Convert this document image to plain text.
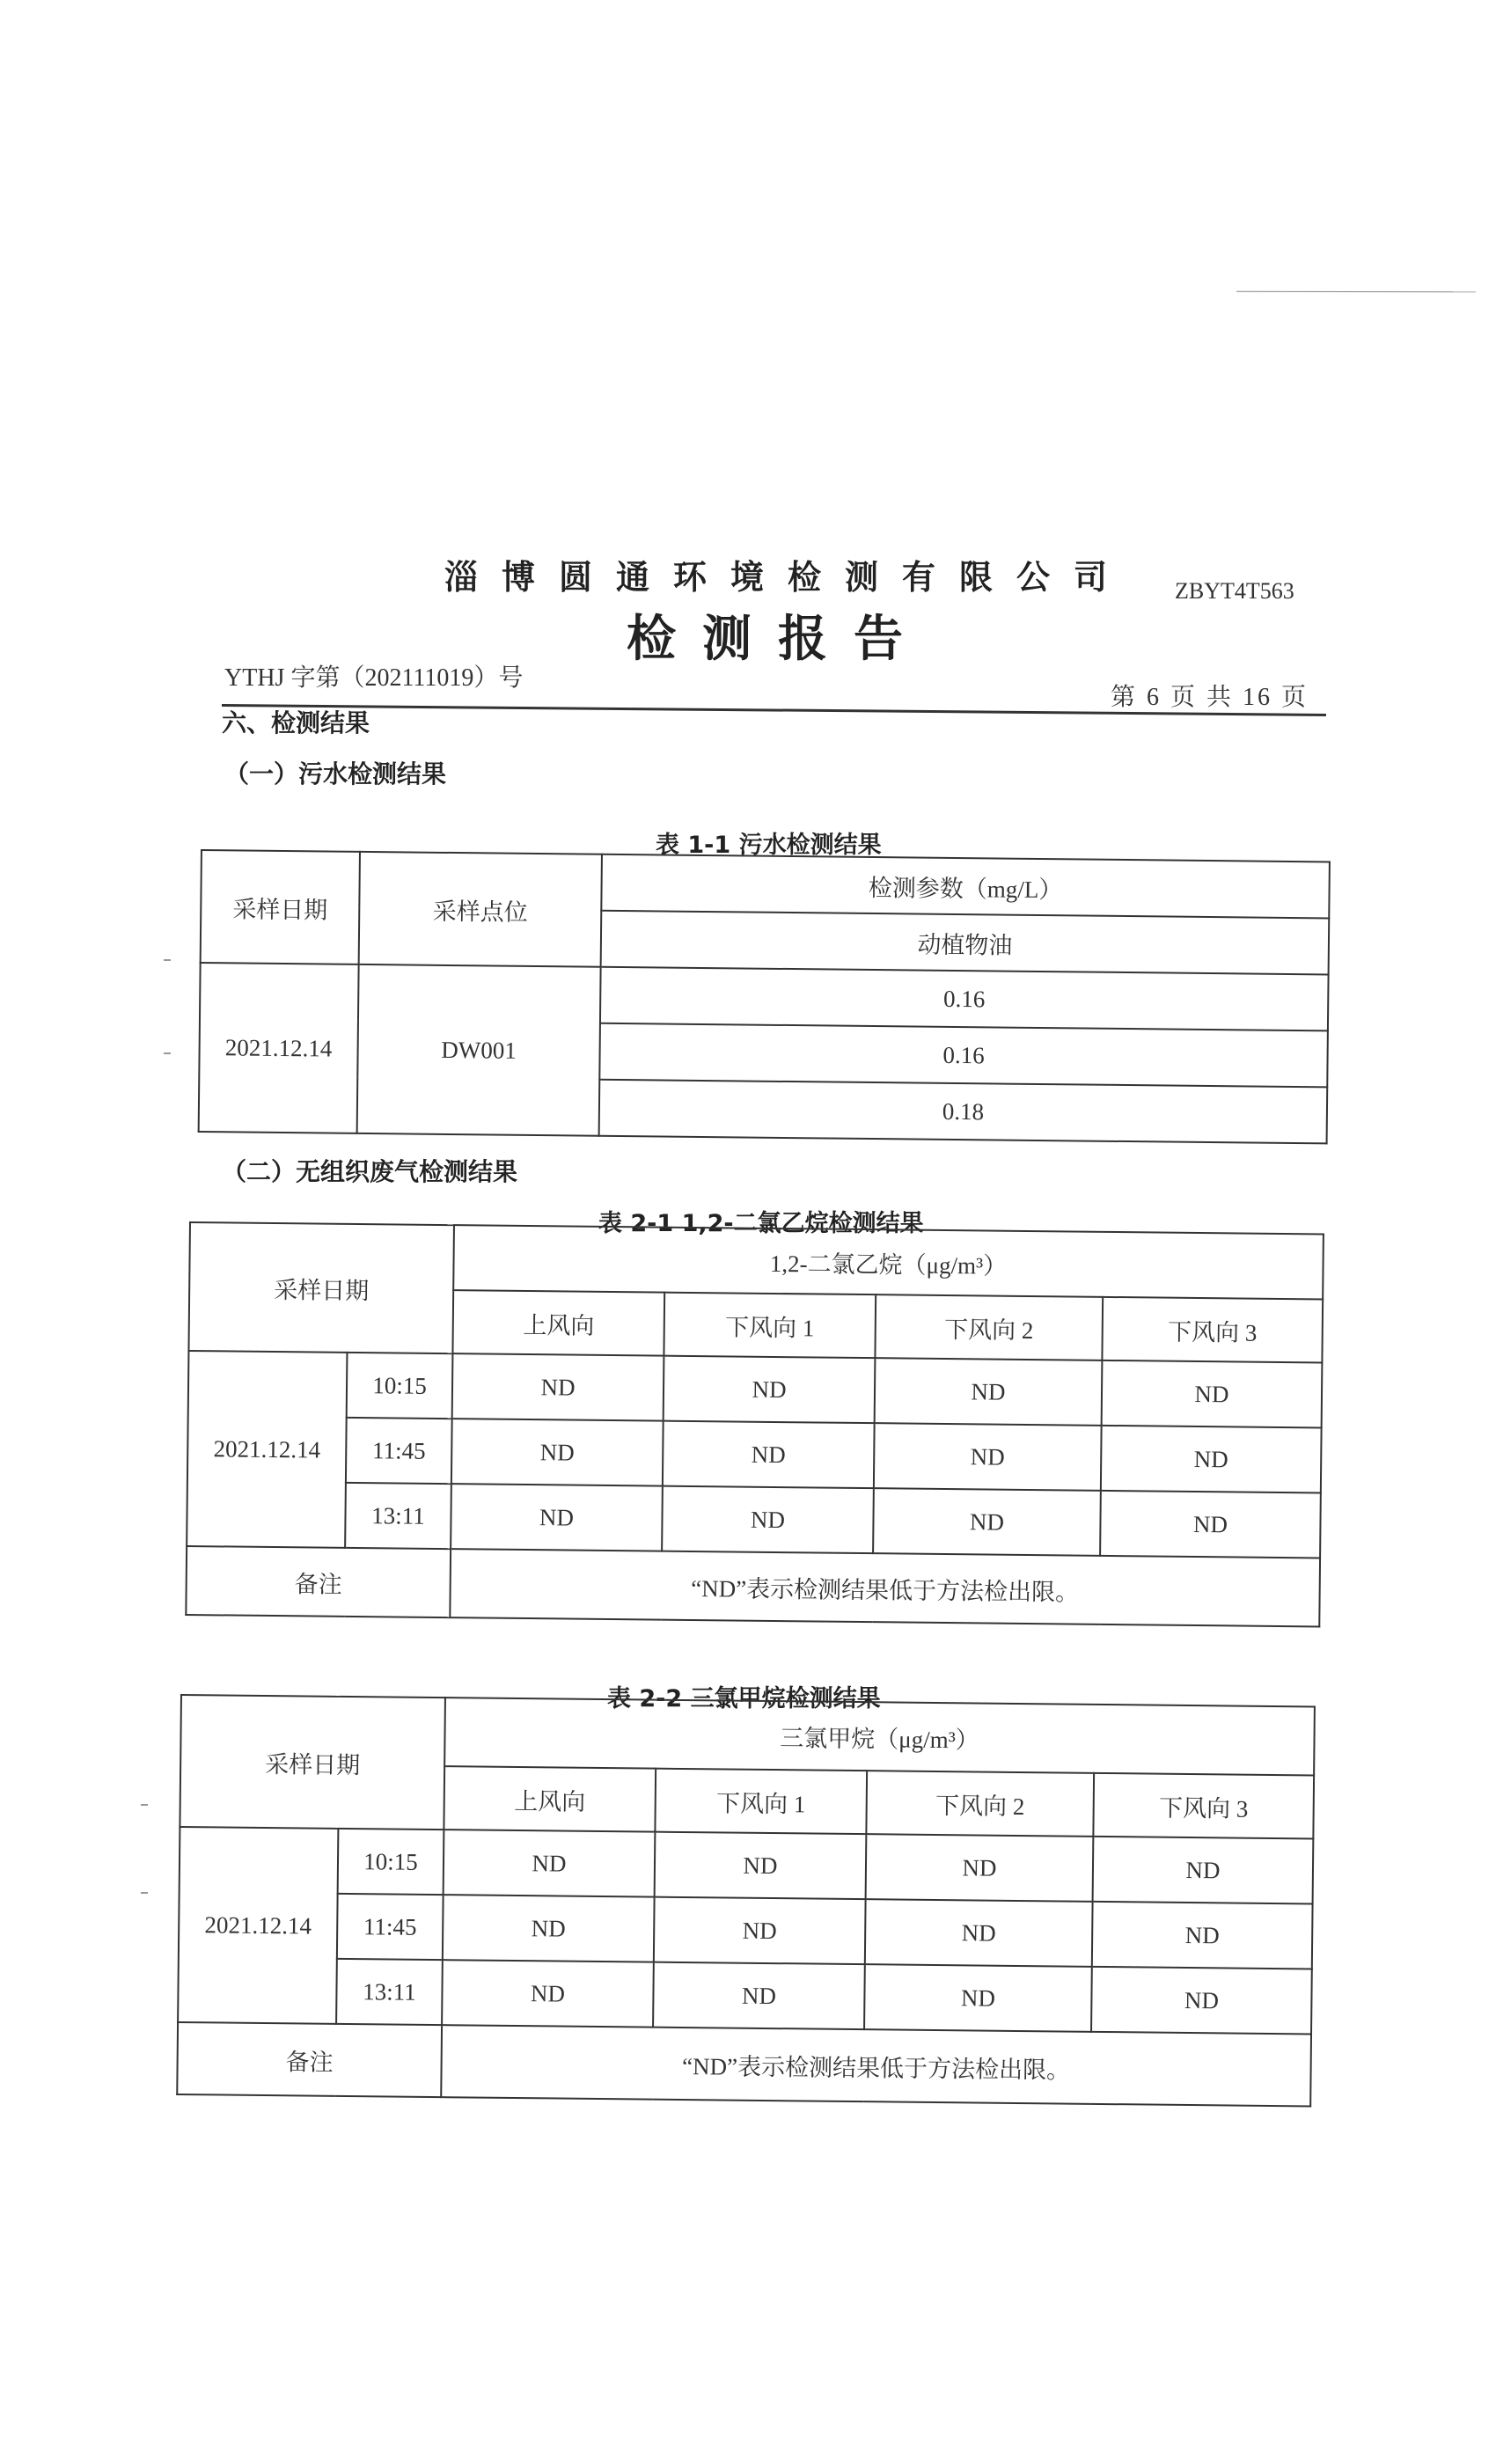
淄博圆通环境检测有限公司 ZBYT4T563
检测报告
YTHJ 字第（202111019）号
第 6 页 共 16 页
六、检测结果
（一）污水检测结果
表 1-1 污水检测结果
采样日期	采样点位	检测参数（mg/L）
		动植物油
2021.12.14	DW001	0.16
		0.16
		0.18
（二）无组织废气检测结果
表 2-1 1,2-二氯乙烷检测结果
采样日期		1,2-二氯乙烷（μg/m³）			
		上风向	下风向 1	下风向 2	下风向 3
2021.12.14	10:15	ND	ND	ND	ND
	11:45	ND	ND	ND	ND
	13:11	ND	ND	ND	ND
备注		“ND”表示检测结果低于方法检出限。			
表 2-2 三氯甲烷检测结果
采样日期		三氯甲烷（μg/m³）			
		上风向	下风向 1	下风向 2	下风向 3
2021.12.14	10:15	ND	ND	ND	ND
	11:45	ND	ND	ND	ND
	13:11	ND	ND	ND	ND
备注		“ND”表示检测结果低于方法检出限。			
